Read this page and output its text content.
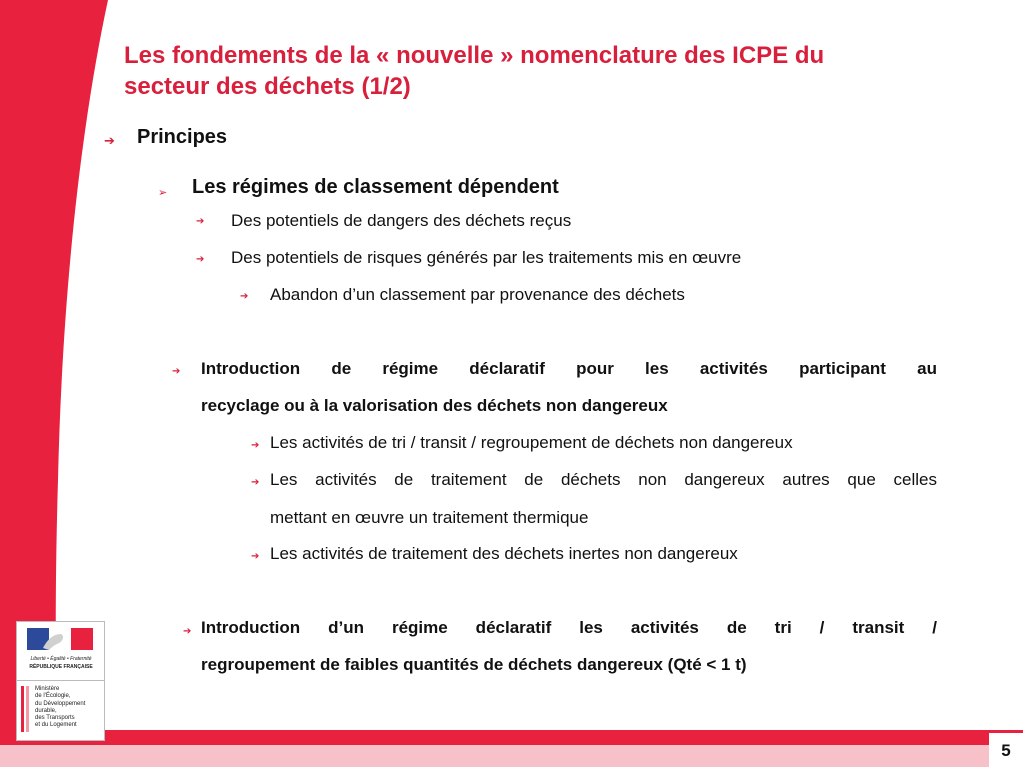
5
Liberté • Égalité • Fraternité
RÉPUBLIQUE FRANÇAISE
Ministère
de l'Écologie,
du Développement
durable,
des Transports
et du Logement
Les fondements de la « nouvelle » nomenclature des ICPE du
secteur des déchets (1/2)
➔ Principes
➢ Les régimes de classement dépendent
➔ Des potentiels de dangers des déchets reçus
➔ Des potentiels de risques générés par les traitements mis en œuvre
➔ Abandon d’un classement par provenance des déchets
➔ Introduction de régime déclaratif pour les activités participant au
recyclage ou à la valorisation des déchets non dangereux
➔ Les activités de tri / transit / regroupement de déchets non dangereux
➔ Les activités de traitement de déchets non dangereux autres que celles
mettant en œuvre un traitement thermique
➔ Les activités de traitement des déchets inertes non dangereux
➔ Introduction d’un régime déclaratif les activités de tri / transit /
regroupement de faibles quantités de déchets dangereux (Qté < 1 t)
